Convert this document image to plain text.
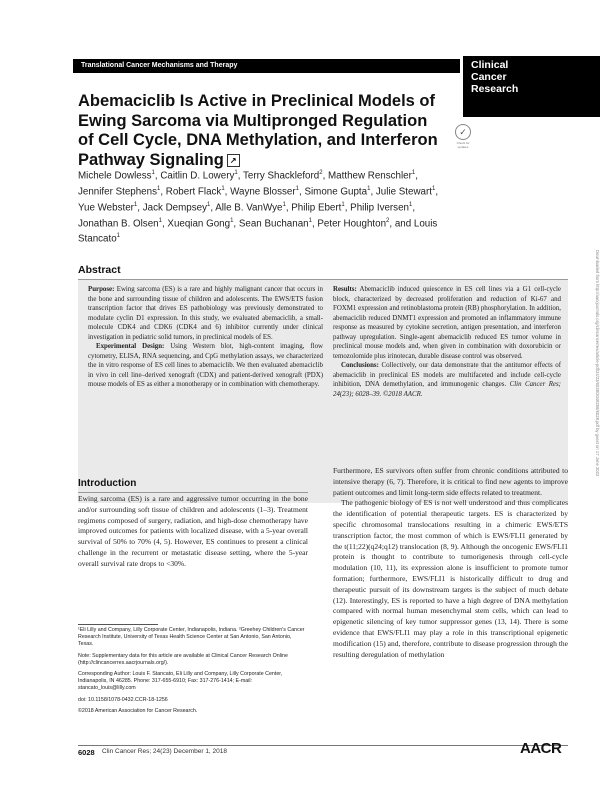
Translational Cancer Mechanisms and Therapy	Clinical
Cancer
Research
✓
Check for updates
Abemaciclib Is Active in Preclinical Models of Ewing Sarcoma via Multipronged Regulation of Cell Cycle, DNA Methylation, and Interferon Pathway Signaling ↗
Michele Dowless$^1$, Caitlin D. Lowery$^1$, Terry Shackleford$^2$, Matthew Renschler$^1$, Jennifer Stephens$^1$, Robert Flack$^1$, Wayne Blosser$^1$, Simone Gupta$^1$, Julie Stewart$^1$, Yue Webster$^1$, Jack Dempsey$^1$, Alle B. VanWye$^1$, Philip Ebert$^1$, Philip Iversen$^1$, Jonathan B. Olsen$^1$, Xueqian Gong$^1$, Sean Buchanan$^1$, Peter Houghton$^2$, and Louis Stancato$^1$
Downloaded from http://aacrjournals.org/clincancerres/article-pdf/24/23/6028/2048258/6028.pdf by guest on 17 June 2022
Abstract

Purpose: Ewing sarcoma (ES) is a rare and highly malignant cancer that occurs in the bone and surrounding tissue of children and adolescents. The EWS/ETS fusion transcription factor that drives ES pathobiology was previously demonstrated to modulate cyclin D1 expression. In this study, we evaluated abemaciclib, a small-molecule CDK4 and CDK6 (CDK4 and 6) inhibitor currently under clinical investigation in pediatric solid tumors, in preclinical models of ES.

Experimental Design: Using Western blot, high-content imaging, flow cytometry, ELISA, RNA sequencing, and CpG methylation assays, we characterized the in vitro response of ES cell lines to abemaciclib. We then evaluated abemaciclib in vivo in cell line–derived xenograft (CDX) and patient-derived xenograft (PDX) mouse models of ES as either a monotherapy or in combination with chemotherapy.

Results: Abemaciclib induced quiescence in ES cell lines via a G1 cell-cycle block, characterized by decreased proliferation and reduction of Ki-67 and FOXM1 expression and retinoblastoma protein (RB) phosphorylation. In addition, abemaciclib reduced DNMT1 expression and promoted an inflammatory immune response as measured by cytokine secretion, antigen presentation, and interferon pathway upregulation. Single-agent abemaciclib reduced ES tumor volume in preclinical mouse models and, when given in combination with doxorubicin or temozolomide plus irinotecan, durable disease control was observed.

Conclusions: Collectively, our data demonstrate that the antitumor effects of abemaciclib in preclinical ES models are multifaceted and include cell-cycle inhibition, DNA demethylation, and immunogenic changes. Clin Cancer Res; 24(23); 6028–39. ©2018 AACR.

Introduction

Ewing sarcoma (ES) is a rare and aggressive tumor occurring in the bone and/or surrounding soft tissue of children and adolescents (1–3). Treatment regimens composed of surgery, radiation, and high-dose chemotherapy have improved outcomes for patients with localized disease, with a 5-year overall survival of 50% to 70% (4, 5). However, ES continues to present a clinical challenge in the recurrent or metastatic disease setting, where the 5-year overall survival rate drops to <30%.

Furthermore, ES survivors often suffer from chronic conditions attributed to intensive therapy (6, 7). Therefore, it is critical to find new agents to improve patient outcomes and limit long-term side effects related to treatment.

The pathogenic biology of ES is not well understood and thus complicates the identification of potential therapeutic targets. ES is characterized by specific chromosomal translocations resulting in a chimeric EWS/ETS transcription factor, the most common of which is EWS/FLI1 generated by the t(11;22)(q24;q12) translocation (8, 9). Although the oncogenic EWS/FLI1 protein is thought to contribute to tumorigenesis through cell-cycle modulation (10, 11), its expression alone is insufficient to promote tumor formation; furthermore, EWS/FLI1 is historically difficult to drug and therapeutic pursuit of its downstream targets is the subject of much debate (12). Interestingly, ES is reported to have a high degree of DNA methylation compared with normal human mesenchymal stem cells, which can lead to epigenetic silencing of key tumor suppressor genes (13, 14). There is some evidence that EWS/FLI1 may play a role in this transcriptional epigenetic modification (15) and, therefore, contribute to disease progression through the resulting deregulation of methylation

¹Eli Lilly and Company, Lilly Corporate Center, Indianapolis, Indiana. ²Greehey Children's Cancer Research Institute, University of Texas Health Science Center at San Antonio, San Antonio, Texas.

Note: Supplementary data for this article are available at Clinical Cancer Research Online (http://clincancerres.aacrjournals.org/).

Corresponding Author: Louis F. Stancato, Eli Lilly and Company, Lilly Corporate Center, Indianapolis, IN 46285. Phone: 317-655-6910; Fax: 317-276-1414; E-mail: stancato_louis@lilly.com

doi: 10.1158/1078-0432.CCR-18-1256

©2018 American Association for Cancer Research.

6028 Clin Cancer Res; 24(23) December 1, 2018	AACR
